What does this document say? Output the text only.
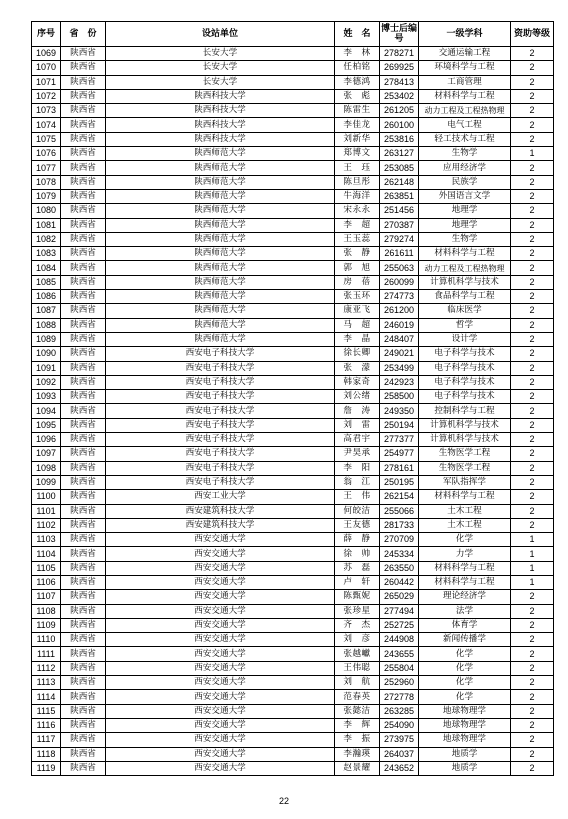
序号	省　份	设站单位	姓　名	博士后编　号	一级学科	资助等级
1069	陕西省	长安大学	李　林	278271	交通运输工程	2
1070	陕西省	长安大学	任柏铭	269925	环境科学与工程	2
1071	陕西省	长安大学	李德鸿	278413	工商管理	2
1072	陕西省	陕西科技大学	张　彪	253402	材料科学与工程	2
1073	陕西省	陕西科技大学	陈雷生	261205	动力工程及工程热物理	2
1074	陕西省	陕西科技大学	李佳龙	260100	电气工程	2
1075	陕西省	陕西科技大学	刘新华	253816	轻工技术与工程	2
1076	陕西省	陕西师范大学	郑博文	263127	生物学	1
1077	陕西省	陕西师范大学	王　珏	253085	应用经济学	2
1078	陕西省	陕西师范大学	陈旦彤	262148	民族学	2
1079	陕西省	陕西师范大学	牛海洋	263851	外国语言文学	2
1080	陕西省	陕西师范大学	宋永永	251456	地理学	2
1081	陕西省	陕西师范大学	李　超	270387	地理学	2
1082	陕西省	陕西师范大学	王玉蕊	279274	生物学	2
1083	陕西省	陕西师范大学	张　静	261611	材料科学与工程	2
1084	陕西省	陕西师范大学	郭　旭	255063	动力工程及工程热物理	2
1085	陕西省	陕西师范大学	房　蓓	260099	计算机科学与技术	2
1086	陕西省	陕西师范大学	张玉环	274773	食品科学与工程	2
1087	陕西省	陕西师范大学	康亚飞	261200	临床医学	2
1088	陕西省	陕西师范大学	马　超	246019	哲学	2
1089	陕西省	陕西师范大学	李　晶	248407	设计学	2
1090	陕西省	西安电子科技大学	徐长卿	249021	电子科学与技术	2
1091	陕西省	西安电子科技大学	张　濛	253499	电子科学与技术	2
1092	陕西省	西安电子科技大学	韩家奇	242923	电子科学与技术	2
1093	陕西省	西安电子科技大学	刘公绪	258500	电子科学与技术	2
1094	陕西省	西安电子科技大学	詹　涛	249350	控制科学与工程	2
1095	陕西省	西安电子科技大学	刘　雷	250194	计算机科学与技术	2
1096	陕西省	西安电子科技大学	高君宇	277377	计算机科学与技术	2
1097	陕西省	西安电子科技大学	尹昊承	254977	生物医学工程	2
1098	陕西省	西安电子科技大学	李　阳	278161	生物医学工程	2
1099	陕西省	西安电子科技大学	翁　江	250195	军队指挥学	2
1100	陕西省	西安工业大学	王　伟	262154	材料科学与工程	2
1101	陕西省	西安建筑科技大学	何皎洁	255066	土木工程	2
1102	陕西省	西安建筑科技大学	王友德	281733	土木工程	2
1103	陕西省	西安交通大学	薛　静	270709	化学	1
1104	陕西省	西安交通大学	徐　帅	245334	力学	1
1105	陕西省	西安交通大学	苏　磊	263550	材料科学与工程	1
1106	陕西省	西安交通大学	卢　轩	260442	材料科学与工程	1
1107	陕西省	西安交通大学	陈甄妮	265029	理论经济学	2
1108	陕西省	西安交通大学	张珍星	277494	法学	2
1109	陕西省	西安交通大学	齐　杰	252725	体育学	2
1110	陕西省	西安交通大学	刘　彦	244908	新闻传播学	2
1111	陕西省	西安交通大学	张越巘	243655	化学	2
1112	陕西省	西安交通大学	王伟聪	255804	化学	2
1113	陕西省	西安交通大学	刘　航	252960	化学	2
1114	陕西省	西安交通大学	范春英	272778	化学	2
1115	陕西省	西安交通大学	张懿洁	263285	地球物理学	2
1116	陕西省	西安交通大学	李　辉	254090	地球物理学	2
1117	陕西省	西安交通大学	李　振	273975	地球物理学	2
1118	陕西省	西安交通大学	李瀚瑛	264037	地质学	2
1119	陕西省	西安交通大学	赵景耀	243652	地质学	2
22
